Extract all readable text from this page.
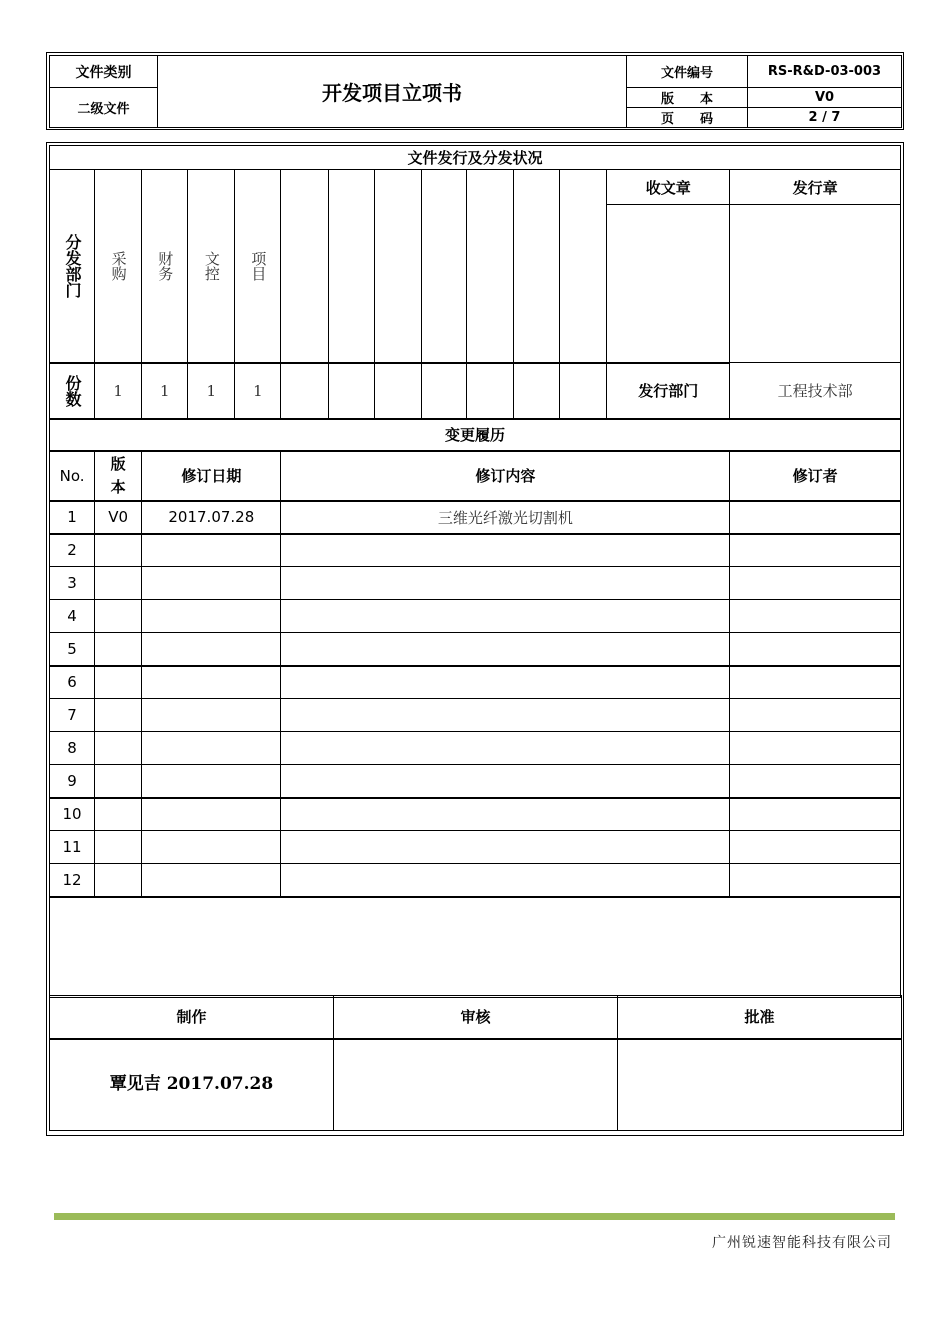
文件类别	开发项目立项书	文件编号	RS-R&D-03-003
二级文件		版 本	V0

		页 码	2 / 7
文件发行及分发状况													

分发部门	采购	财务	文控	项目								收文章	发行章

份数	1	1	1	1								发行部门	工程技术部
变更履历													
No.	版本	修订日期			修订内容								修订者
1	V0	2017.07.28			三维光纤激光切割机								
2													
3													
4													
5													
6													
7													
8													
9													
10													
11													
12													

制作	审核	批准
覃见吉 2017.07.28		
广州锐速智能科技有限公司
